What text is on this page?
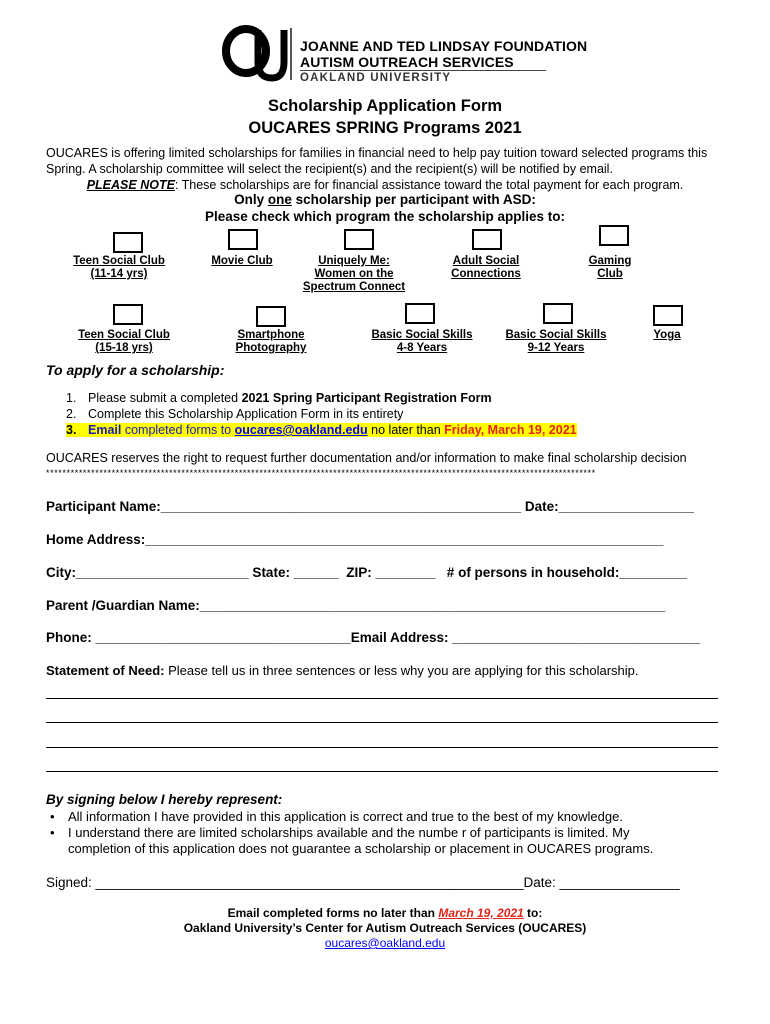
JOANNE AND TED LINDSAY FOUNDATION
AUTISM OUTREACH SERVICES
OAKLAND UNIVERSITY
Scholarship Application Form
OUCARES SPRING Programs 2021
OUCARES is offering limited scholarships for families in financial need to help pay tuition toward selected programs this
Spring. A scholarship committee will select the recipient(s) and the recipient(s) will be notified by email.
PLEASE NOTE: These scholarships are for financial assistance toward the total payment for each program.
Only one scholarship per participant with ASD:
Please check which program the scholarship applies to:
Teen Social Club
(11-14 yrs)
Movie Club	Uniquely Me:
Women on the
Spectrum Connect
Adult Social
Connections
Gaming
Club
Teen Social Club
(15-18 yrs)
Smartphone
Photography
Basic Social Skills
4-8 Years
Basic Social Skills
9-12 Years
Yoga
To apply for a scholarship:
1. Please submit a completed 2021 Spring Participant Registration Form
2. Complete this Scholarship Application Form in its entirety
3. Email completed forms to oucares@oakland.edu no later than Friday, March 19, 2021
OUCARES reserves the right to request further documentation and/or information to make final scholarship decision
**************************************************************************************************************************************
Participant Name:________________________________________________ Date:__________________
Home Address:_____________________________________________________________________
City:_______________________ State: ______  ZIP: ________   # of persons in household:_________
Parent /Guardian Name:______________________________________________________________
Phone: __________________________________Email Address: _________________________________
Statement of Need: Please tell us in three sentences or less why you are applying for this scholarship.
By signing below I hereby represent:
• All information I have provided in this application is correct and true to the best of my knowledge.
• I understand there are limited scholarships available and the numbe r of participants is limited. My
completion of this application does not guarantee a scholarship or placement in OUCARES programs.
Signed: _________________________________________________________Date: ________________
Email completed forms no later than March 19, 2021 to:
Oakland University’s Center for Autism Outreach Services (OUCARES)
oucares@oakland.edu
